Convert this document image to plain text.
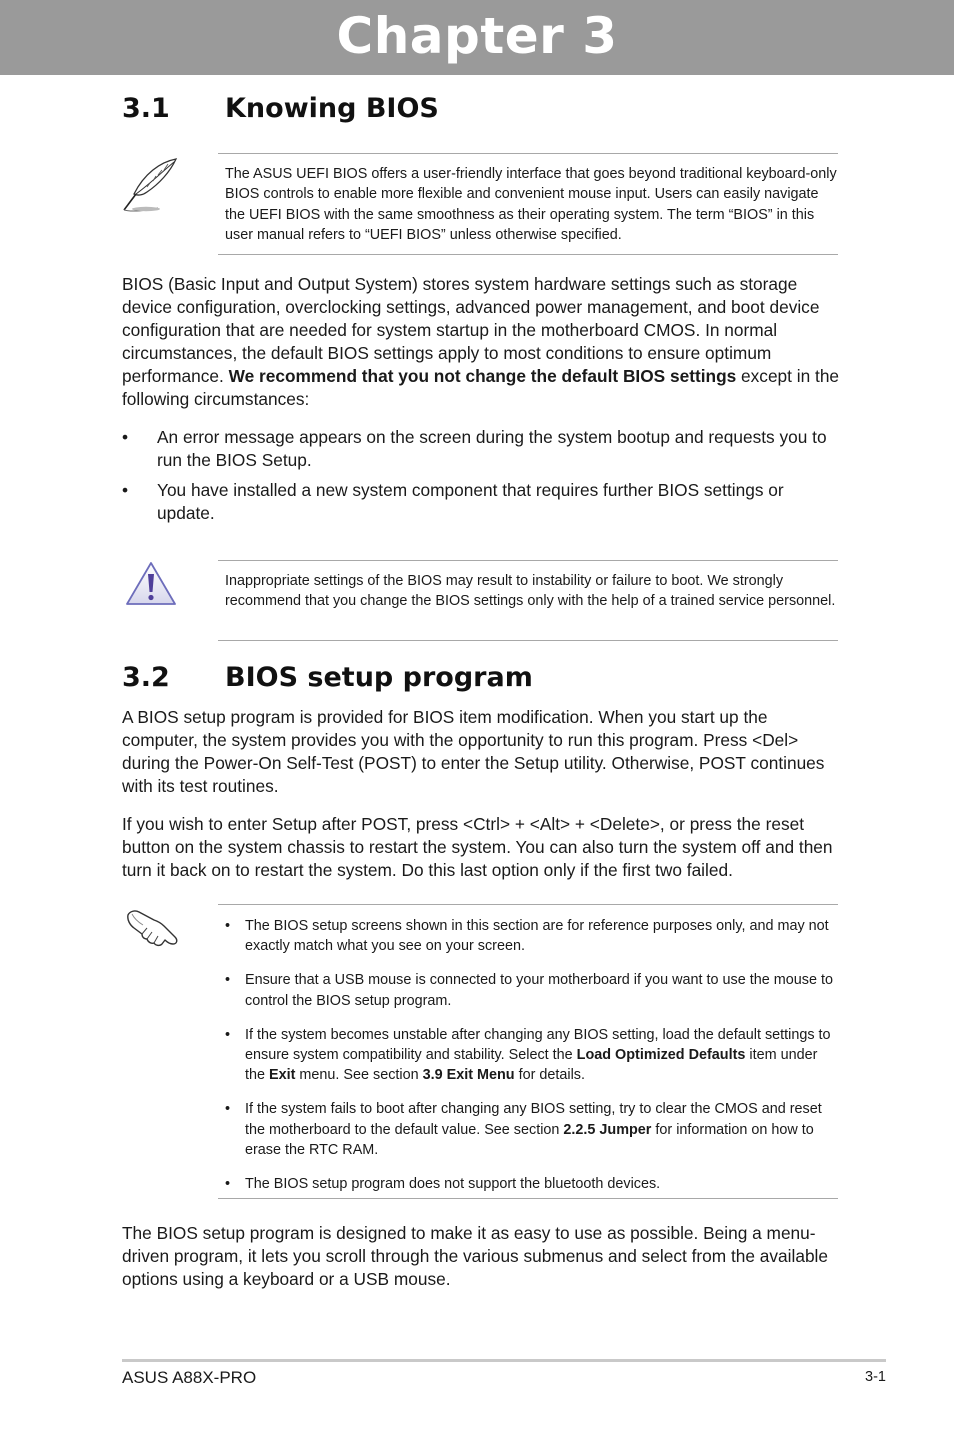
Chapter 3
3.1 Knowing BIOS
The ASUS UEFI BIOS offers a user-friendly interface that goes beyond traditional keyboard-only BIOS controls to enable more flexible and convenient mouse input. Users can easily navigate the UEFI BIOS with the same smoothness as their operating system. The term “BIOS” in this user manual refers to “UEFI BIOS” unless otherwise specified.
BIOS (Basic Input and Output System) stores system hardware settings such as storage device configuration, overclocking settings, advanced power management, and boot device configuration that are needed for system startup in the motherboard CMOS. In normal circumstances, the default BIOS settings apply to most conditions to ensure optimum performance. We recommend that you not change the default BIOS settings except in the following circumstances:
• An error message appears on the screen during the system bootup and requests you to run the BIOS Setup.
• You have installed a new system component that requires further BIOS settings or update.
Inappropriate settings of the BIOS may result to instability or failure to boot. We strongly recommend that you change the BIOS settings only with the help of a trained service personnel.
3.2 BIOS setup program
A BIOS setup program is provided for BIOS item modification. When you start up the computer, the system provides you with the opportunity to run this program. Press <Del> during the Power-On Self-Test (POST) to enter the Setup utility. Otherwise, POST continues with its test routines.
If you wish to enter Setup after POST, press <Ctrl> + <Alt> + <Delete>, or press the reset button on the system chassis to restart the system. You can also turn the system off and then turn it back on to restart the system. Do this last option only if the first two failed.
• The BIOS setup screens shown in this section are for reference purposes only, and may not exactly match what you see on your screen.
• Ensure that a USB mouse is connected to your motherboard if you want to use the mouse to control the BIOS setup program.
• If the system becomes unstable after changing any BIOS setting, load the default settings to ensure system compatibility and stability. Select the Load Optimized Defaults item under the Exit menu. See section 3.9 Exit Menu for details.
• If the system fails to boot after changing any BIOS setting, try to clear the CMOS and reset the motherboard to the default value. See section 2.2.5 Jumper for information on how to erase the RTC RAM.
• The BIOS setup program does not support the bluetooth devices.
The BIOS setup program is designed to make it as easy to use as possible. Being a menu-driven program, it lets you scroll through the various submenus and select from the available options using a keyboard or a USB mouse.
ASUS A88X-PRO	3-1
